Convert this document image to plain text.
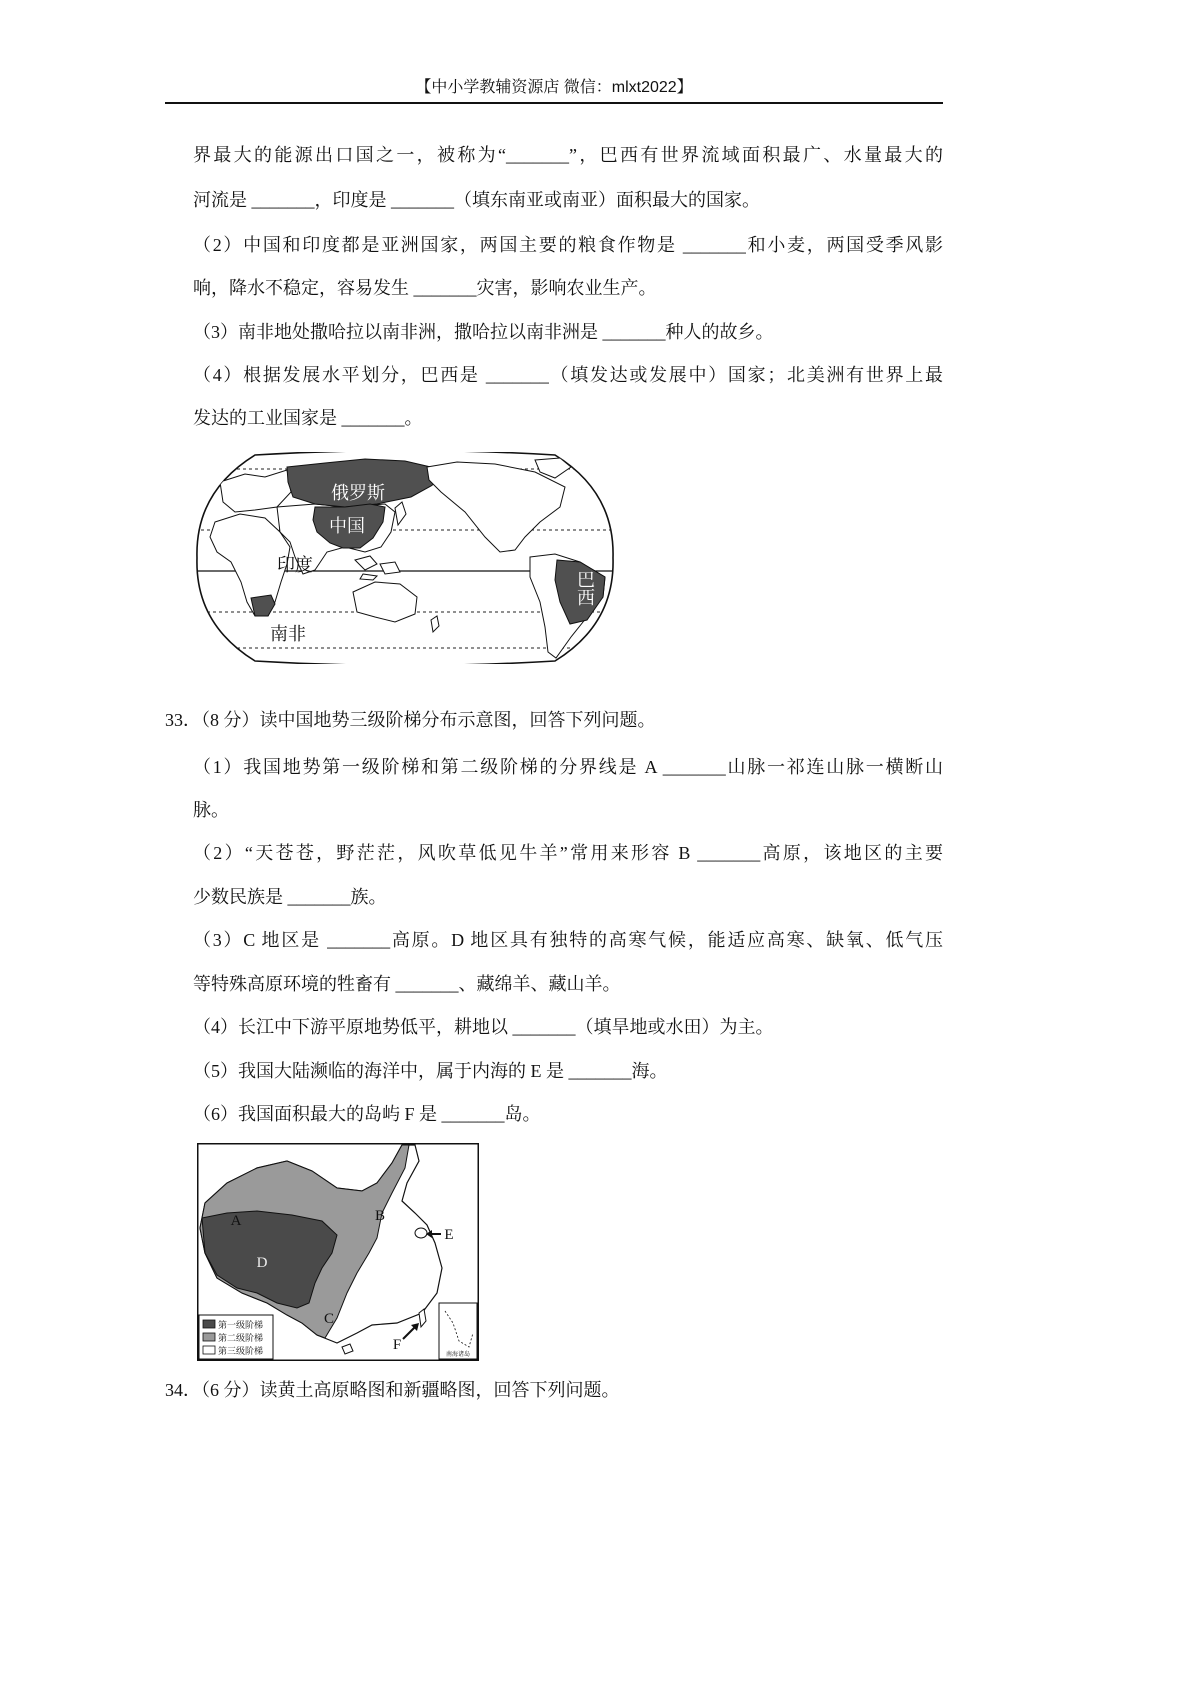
【中小学教辅资源店 微信：mlxt2022】
界最大的能源出口国之一，被称为“_______”，巴西有世界流域面积最广、水量最大的
河流是 _______，印度是 _______（填东南亚或南亚）面积最大的国家。
（2）中国和印度都是亚洲国家，两国主要的粮食作物是 _______和小麦，两国受季风影
响，降水不稳定，容易发生 _______灾害，影响农业生产。
（3）南非地处撒哈拉以南非洲，撒哈拉以南非洲是 _______种人的故乡。
（4）根据发展水平划分，巴西是 _______（填发达或发展中）国家；北美洲有世界上最
发达的工业国家是 _______。
俄罗斯
中国
印度
南非
巴西
33．（8 分）读中国地势三级阶梯分布示意图，回答下列问题。
（1）我国地势第一级阶梯和第二级阶梯的分界线是 A _______山脉一祁连山脉一横断山
脉。
（2）“天苍苍，野茫茫，风吹草低见牛羊”常用来形容 B _______高原，该地区的主要
少数民族是 _______族。
（3）C 地区是 _______高原。D 地区具有独特的高寒气候，能适应高寒、缺氧、低气压
等特殊高原环境的牲畜有 _______、藏绵羊、藏山羊。
（4）长江中下游平原地势低平，耕地以 _______（填旱地或水田）为主。
（5）我国大陆濒临的海洋中，属于内海的 E 是 _______海。
（6）我国面积最大的岛屿 F 是 _______岛。
A	B
D
E
C
F
第一级阶梯
第二级阶梯
第三级阶梯	南海诸岛
34．（6 分）读黄土高原略图和新疆略图，回答下列问题。
